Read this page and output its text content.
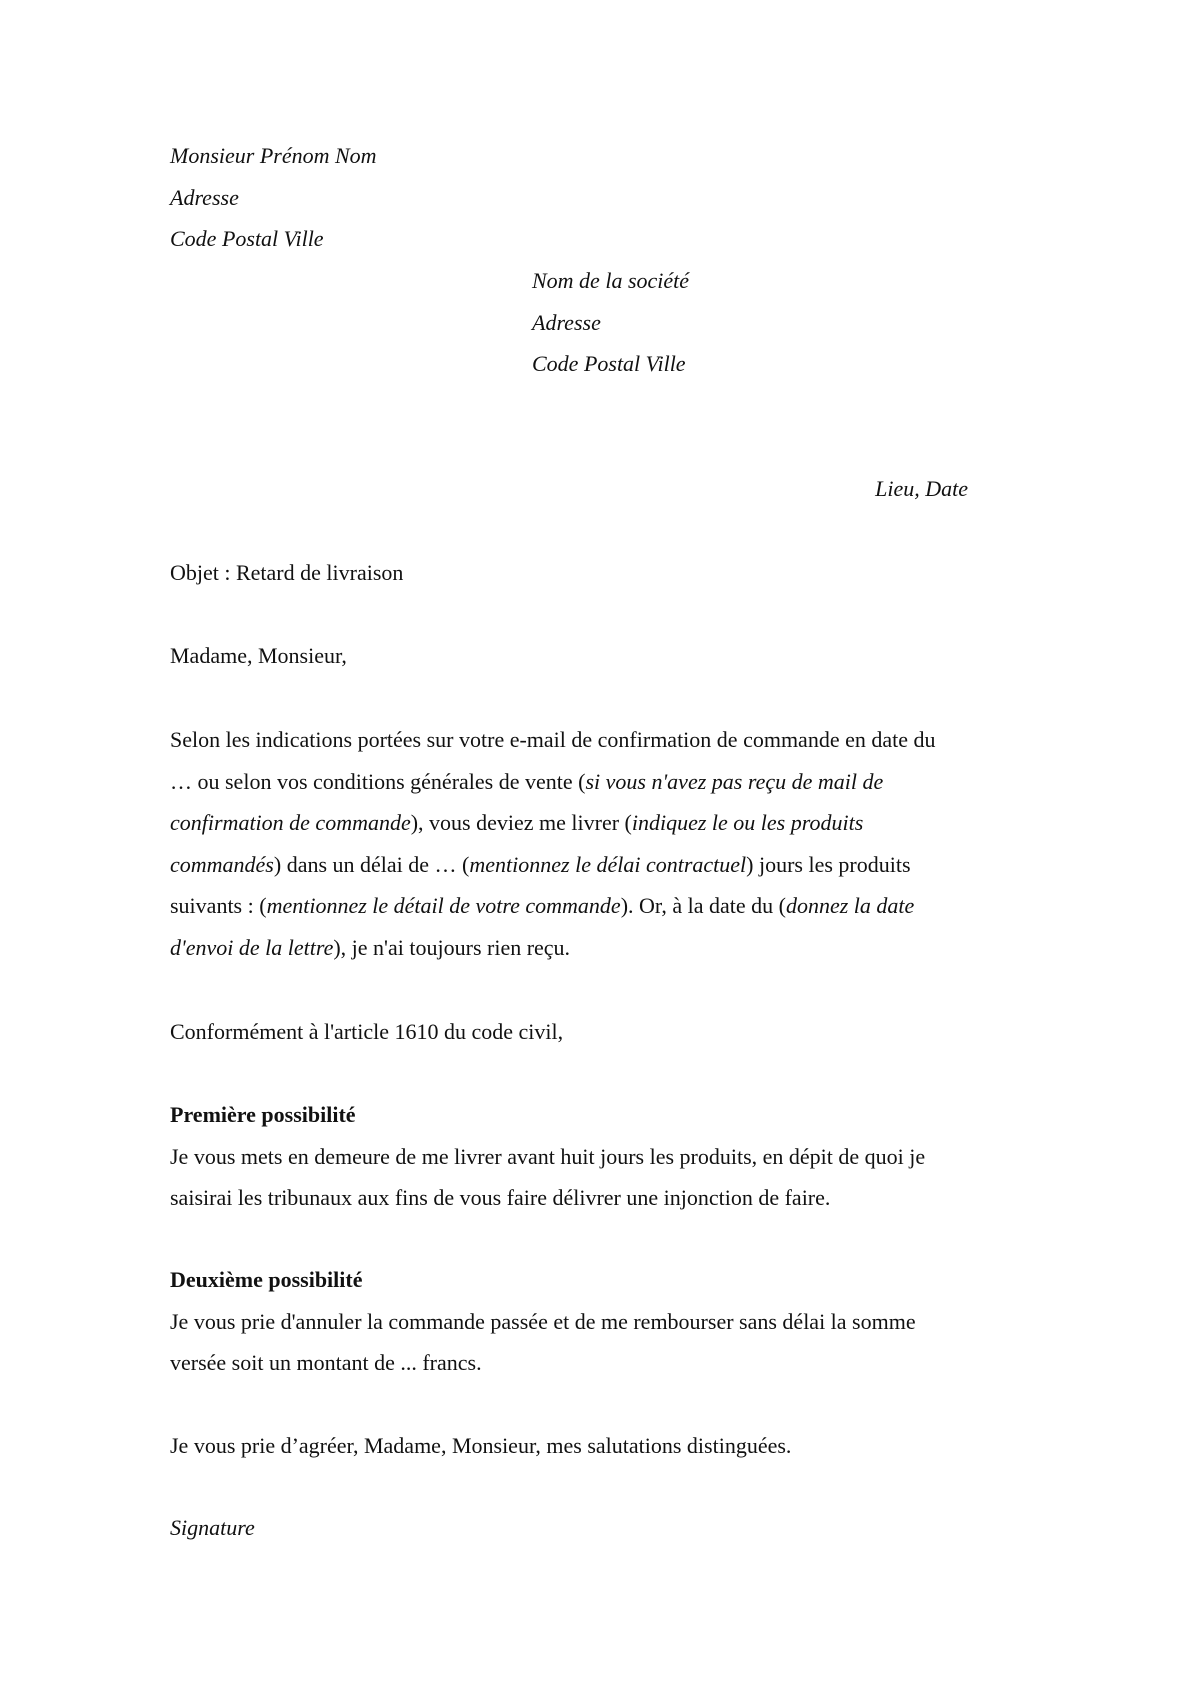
Monsieur Prénom Nom
Adresse
Code Postal Ville
Nom de la société
Adresse
Code Postal Ville
Lieu, Date
Objet : Retard de livraison
Madame, Monsieur,
Selon les indications portées sur votre e-mail de confirmation de commande en date du
… ou selon vos conditions générales de vente (si vous n'avez pas reçu de mail de
confirmation de commande), vous deviez me livrer (indiquez le ou les produits
commandés) dans un délai de … (mentionnez le délai contractuel) jours les produits
suivants : (mentionnez le détail de votre commande). Or, à la date du (donnez la date
d'envoi de la lettre), je n'ai toujours rien reçu.
Conformément à l'article 1610 du code civil,
Première possibilité
Je vous mets en demeure de me livrer avant huit jours les produits, en dépit de quoi je
saisirai les tribunaux aux fins de vous faire délivrer une injonction de faire.
Deuxième possibilité
Je vous prie d'annuler la commande passée et de me rembourser sans délai la somme
versée soit un montant de ... francs.
Je vous prie d’agréer, Madame, Monsieur, mes salutations distinguées.
Signature
